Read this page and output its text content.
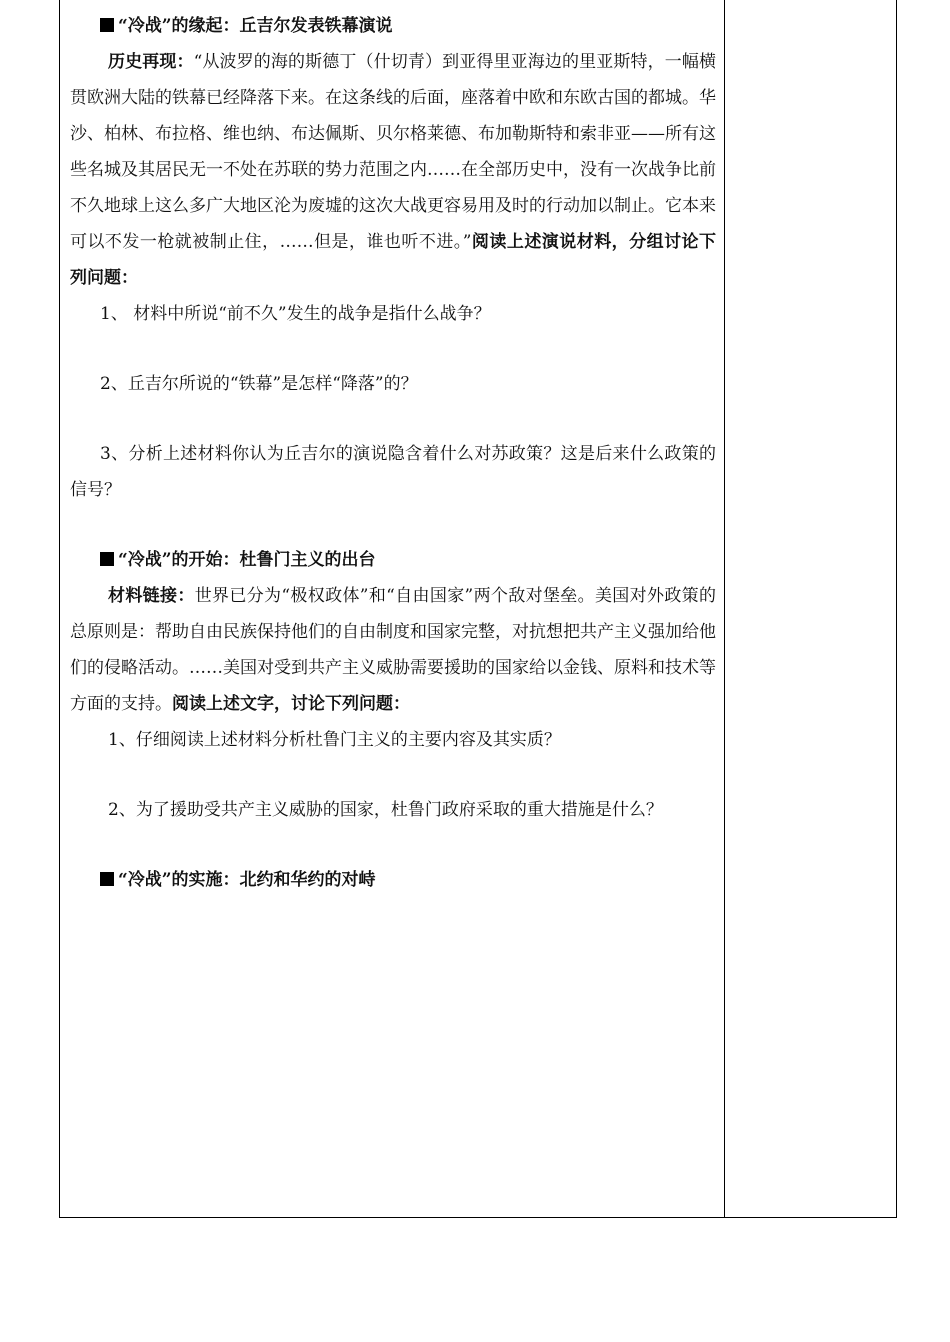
“冷战”的缘起：丘吉尔发表铁幕演说

历史再现：“从波罗的海的斯德丁（什切青）到亚得里亚海边的里亚斯特，一幅横贯欧洲大陆的铁幕已经降落下来。在这条线的后面，座落着中欧和东欧古国的都城。华沙、柏林、布拉格、维也纳、布达佩斯、贝尔格莱德、布加勒斯特和索非亚——所有这些名城及其居民无一不处在苏联的势力范围之内……在全部历史中，没有一次战争比前不久地球上这么多广大地区沦为废墟的这次大战更容易用及时的行动加以制止。它本来可以不发一枪就被制止住，……但是，谁也听不进。”阅读上述演说材料，分组讨论下列问题：

1、 材料中所说“前不久”发生的战争是指什么战争？

2、丘吉尔所说的“铁幕”是怎样“降落”的？

3、分析上述材料你认为丘吉尔的演说隐含着什么对苏政策？这是后来什么政策的信号？

“冷战”的开始：杜鲁门主义的出台

材料链接：世界已分为“极权政体”和“自由国家”两个敌对堡垒。美国对外政策的总原则是：帮助自由民族保持他们的自由制度和国家完整，对抗想把共产主义强加给他们的侵略活动。……美国对受到共产主义威胁需要援助的国家给以金钱、原料和技术等方面的支持。阅读上述文字，讨论下列问题：

1、仔细阅读上述材料分析杜鲁门主义的主要内容及其实质？

2、为了援助受共产主义威胁的国家，杜鲁门政府采取的重大措施是什么？

“冷战”的实施：北约和华约的对峙
